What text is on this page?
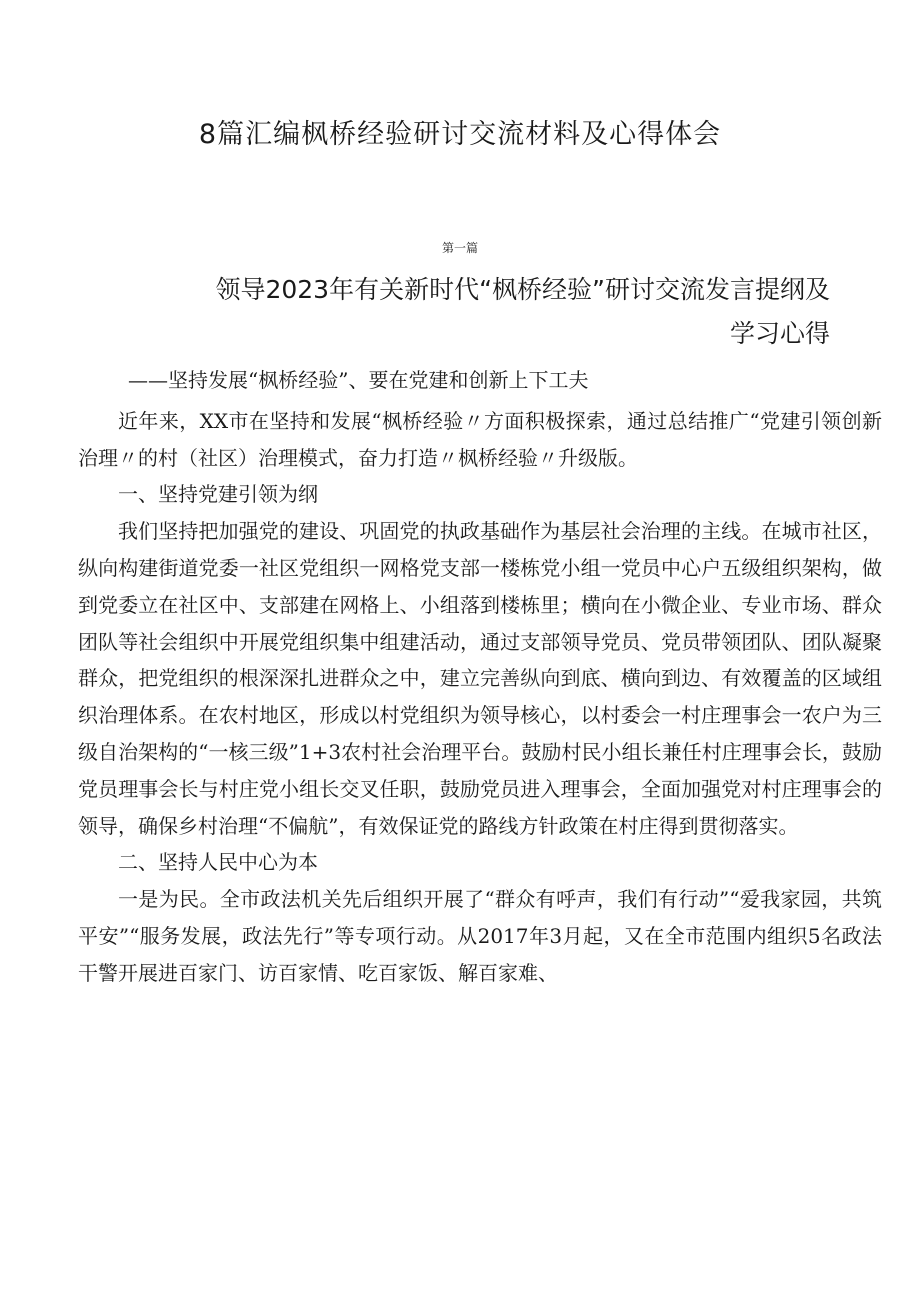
8篇汇编枫桥经验研讨交流材料及心得体会
第一篇
领导2023年有关新时代“枫桥经验”研讨交流发言提纲及
学习心得

——坚持发展“枫桥经验”、要在党建和创新上下工夫

近年来，XX市在坚持和发展“枫桥经验〃方面积极探索，通过总结推广“党建引领创新治理〃的村（社区）治理模式，奋力打造〃枫桥经验〃升级版。

一、坚持党建引领为纲

我们坚持把加强党的建设、巩固党的执政基础作为基层社会治理的主线。在城市社区，纵向构建街道党委一社区党组织一网格党支部一楼栋党小组一党员中心户五级组织架构，做到党委立在社区中、支部建在网格上、小组落到楼栋里；横向在小微企业、专业市场、群众团队等社会组织中开展党组织集中组建活动，通过支部领导党员、党员带领团队、团队凝聚群众，把党组织的根深深扎进群众之中，建立完善纵向到底、横向到边、有效覆盖的区域组织治理体系。在农村地区，形成以村党组织为领导核心，以村委会一村庄理事会一农户为三级自治架构的“一核三级”1+3农村社会治理平台。鼓励村民小组长兼任村庄理事会长，鼓励党员理事会长与村庄党小组长交叉任职，鼓励党员进入理事会，全面加强党对村庄理事会的领导，确保乡村治理“不偏航”，有效保证党的路线方针政策在村庄得到贯彻落实。

二、坚持人民中心为本

一是为民。全市政法机关先后组织开展了“群众有呼声，我们有行动”“爱我家园，共筑平安”“服务发展，政法先行”等专项行动。从2017年3月起，又在全市范围内组织5名政法干警开展进百家门、访百家情、吃百家饭、解百家难、
